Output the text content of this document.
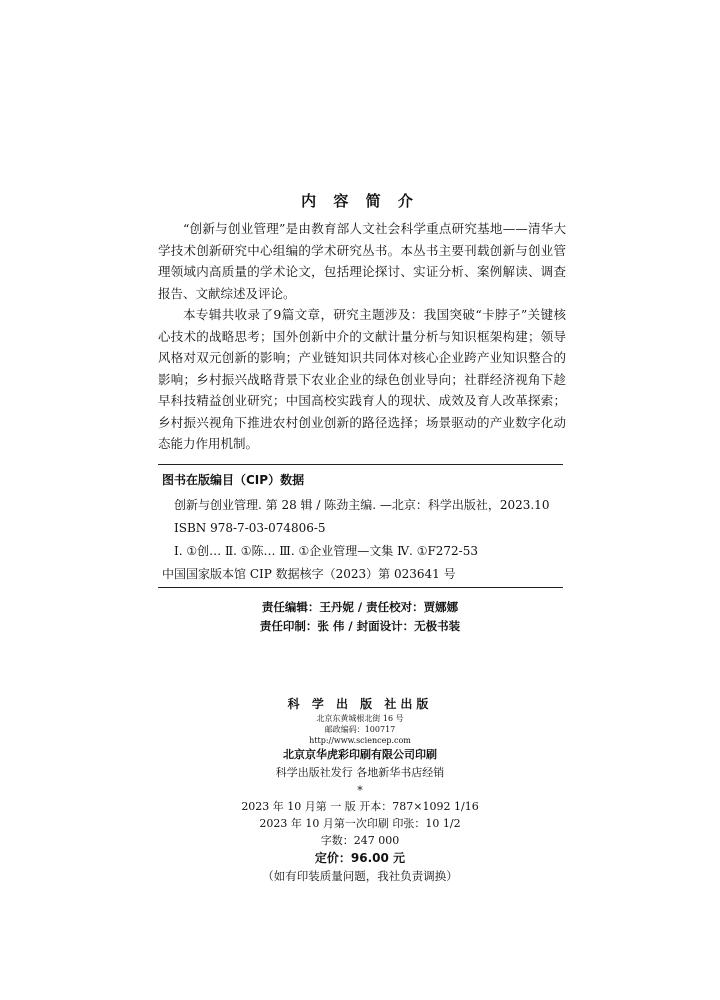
内 容 简 介

“创新与创业管理”是由教育部人文社会科学重点研究基地——清华大学技术创新研究中心组编的学术研究丛书。本丛书主要刊载创新与创业管理领域内高质量的学术论文，包括理论探讨、实证分析、案例解读、调查报告、文献综述及评论。

本专辑共收录了9篇文章，研究主题涉及：我国突破“卡脖子”关键核心技术的战略思考；国外创新中介的文献计量分析与知识框架构建；领导风格对双元创新的影响；产业链知识共同体对核心企业跨产业知识整合的影响；乡村振兴战略背景下农业企业的绿色创业导向；社群经济视角下趁早科技精益创业研究；中国高校实践育人的现状、成效及育人改革探索；乡村振兴视角下推进农村创业创新的路径选择；场景驱动的产业数字化动态能力作用机制。

图书在版编目（CIP）数据
创新与创业管理. 第 28 辑 / 陈劲主编. —北京：科学出版社，2023.10
ISBN 978-7-03-074806-5
Ⅰ. ①创… Ⅱ. ①陈… Ⅲ. ①企业管理—文集 Ⅳ. ①F272-53
中国国家版本馆 CIP 数据核字（2023）第 023641 号
责任编辑：王丹妮 / 责任校对：贾娜娜
责任印制：张 伟 / 封面设计：无极书装
科 学 出 版 社出版
北京东黄城根北街 16 号
邮政编码：100717
http://www.sciencep.com
北京京华虎彩印刷有限公司印刷
科学出版社发行 各地新华书店经销
*
2023 年 10 月第 一 版 开本：787×1092 1/16
2023 年 10 月第一次印刷 印张：10 1/2
字数：247 000
定价：96.00 元
（如有印装质量问题，我社负责调换）
